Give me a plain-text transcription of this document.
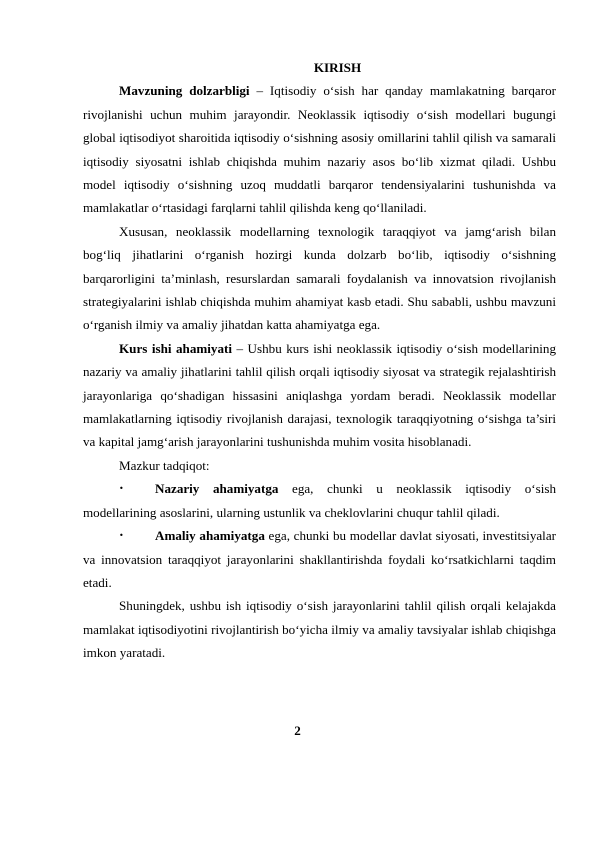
KIRISH

Mavzuning dolzarbligi – Iqtisodiy o‘sish har qanday mamlakatning barqaror rivojlanishi uchun muhim jarayondir. Neoklassik iqtisodiy o‘sish modellari bugungi global iqtisodiyot sharoitida iqtisodiy o‘sishning asosiy omillarini tahlil qilish va samarali iqtisodiy siyosatni ishlab chiqishda muhim nazariy asos bo‘lib xizmat qiladi. Ushbu model iqtisodiy o‘sishning uzoq muddatli barqaror tendensiyalarini tushunishda va mamlakatlar o‘rtasidagi farqlarni tahlil qilishda keng qo‘llaniladi.

Xususan, neoklassik modellarning texnologik taraqqiyot va jamg‘arish bilan bog‘liq jihatlarini o‘rganish hozirgi kunda dolzarb bo‘lib, iqtisodiy o‘sishning barqarorligini ta’minlash, resurslardan samarali foydalanish va innovatsion rivojlanish strategiyalarini ishlab chiqishda muhim ahamiyat kasb etadi. Shu sababli, ushbu mavzuni o‘rganish ilmiy va amaliy jihatdan katta ahamiyatga ega.

Kurs ishi ahamiyati – Ushbu kurs ishi neoklassik iqtisodiy o‘sish modellarining nazariy va amaliy jihatlarini tahlil qilish orqali iqtisodiy siyosat va strategik rejalashtirish jarayonlariga qo‘shadigan hissasini aniqlashga yordam beradi. Neoklassik modellar mamlakatlarning iqtisodiy rivojlanish darajasi, texnologik taraqqiyotning o‘sishga ta’siri va kapital jamg‘arish jarayonlarini tushunishda muhim vosita hisoblanadi.

Mazkur tadqiqot:

•	Nazariy ahamiyatga ega, chunki u neoklassik iqtisodiy o‘sish modellarining asoslarini, ularning ustunlik va cheklovlarini chuqur tahlil qiladi.

•	Amaliy ahamiyatga ega, chunki bu modellar davlat siyosati, investitsiyalar va innovatsion taraqqiyot jarayonlarini shakllantirishda foydali ko‘rsatkichlarni taqdim etadi.

Shuningdek, ushbu ish iqtisodiy o‘sish jarayonlarini tahlil qilish orqali kelajakda mamlakat iqtisodiyotini rivojlantirish bo‘yicha ilmiy va amaliy tavsiyalar ishlab chiqishga imkon yaratadi.

2
